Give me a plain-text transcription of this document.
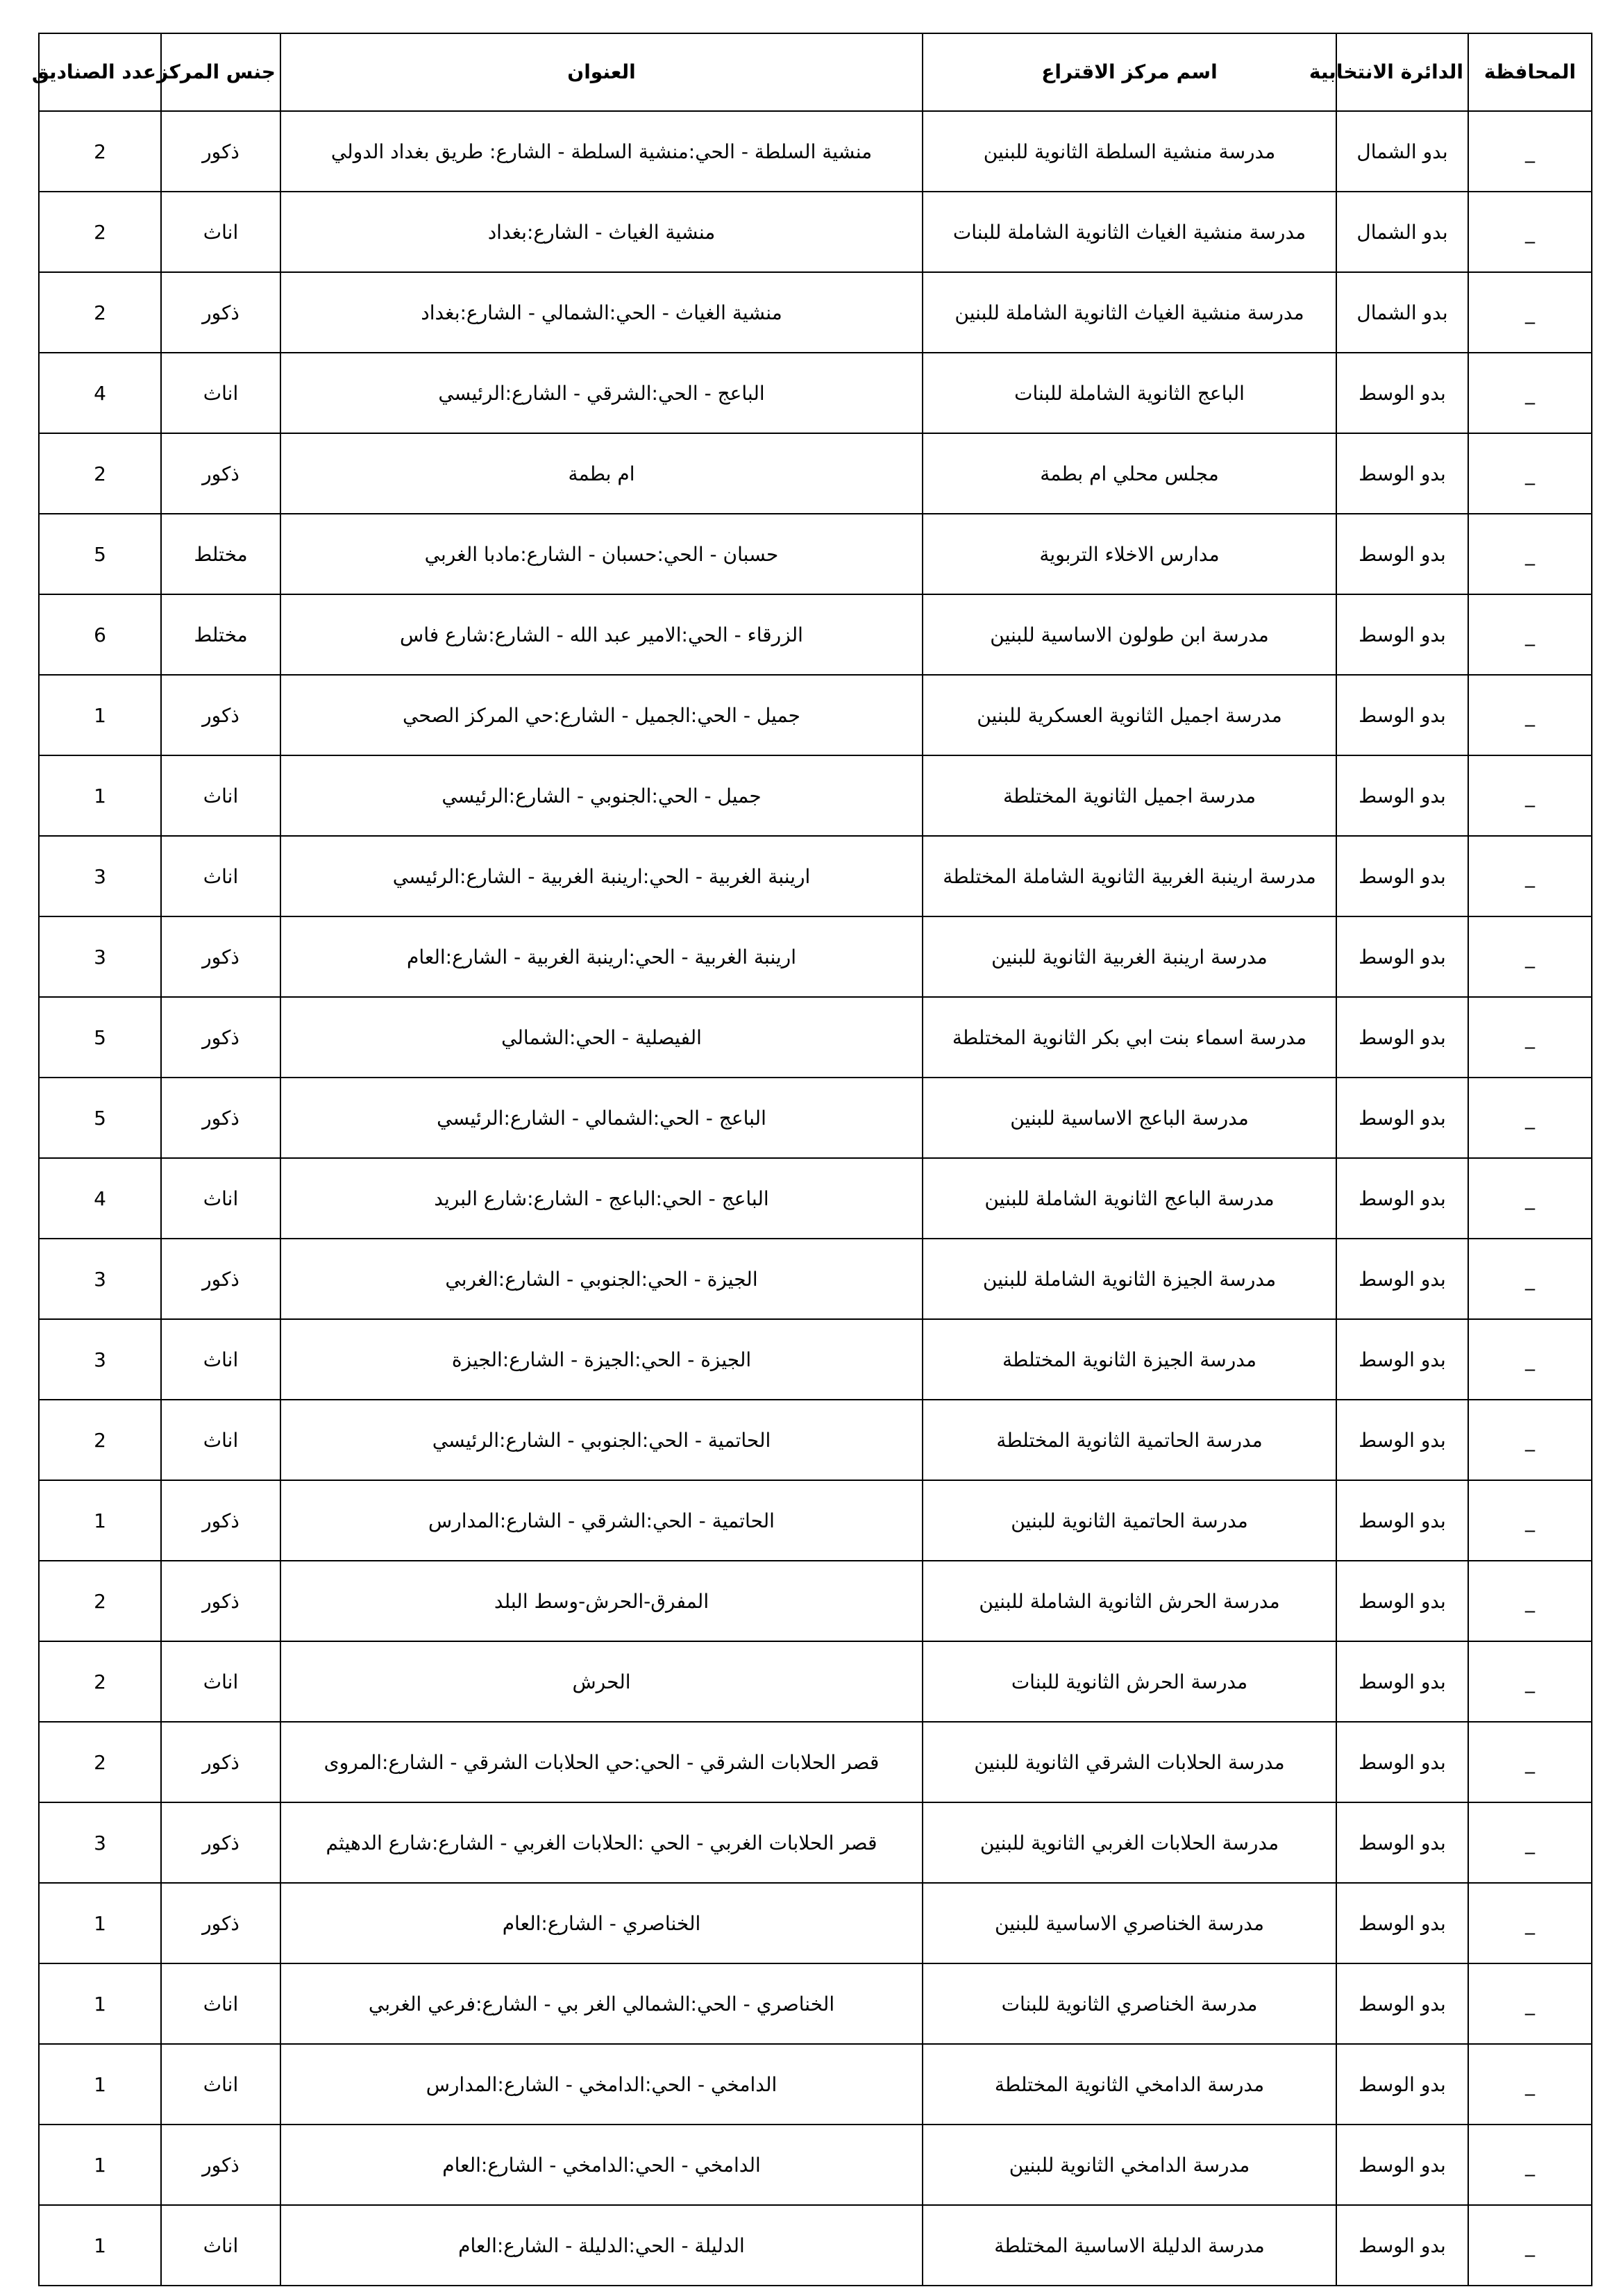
المحافظة	الدائرة الانتخابية	اسم مركز الاقتراع	العنوان	جنس المركز	عدد الصناديق
_	بدو الشمال	مدرسة منشية السلطة الثانوية للبنين	منشية السلطة - الحي:منشية السلطة - الشارع: طريق بغداد الدولي	ذكور	2
_	بدو الشمال	مدرسة منشية الغياث الثانوية الشاملة للبنات	منشية الغياث - الشارع:بغداد	اناث	2
_	بدو الشمال	مدرسة منشية الغياث الثانوية الشاملة للبنين	منشية الغياث - الحي:الشمالي - الشارع:بغداد	ذكور	2
_	بدو الوسط	الباعج الثانوية الشاملة للبنات	الباعج - الحي:الشرقي - الشارع:الرئيسي	اناث	4
_	بدو الوسط	مجلس محلي ام بطمة	ام بطمة	ذكور	2
_	بدو الوسط	مدارس الاخلاء التربوية	حسبان - الحي:حسبان - الشارع:مادبا الغربي	مختلط	5
_	بدو الوسط	مدرسة ابن طولون الاساسية للبنين	الزرقاء - الحي:الامير عبد الله - الشارع:شارع فاس	مختلط	6
_	بدو الوسط	مدرسة اجميل الثانوية العسكرية للبنين	جميل - الحي:الجميل - الشارع:حي المركز الصحي	ذكور	1
_	بدو الوسط	مدرسة اجميل الثانوية المختلطة	جميل - الحي:الجنوبي - الشارع:الرئيسي	اناث	1
_	بدو الوسط	مدرسة ارينبة الغربية الثانوية الشاملة المختلطة	ارينبة الغربية - الحي:ارينبة الغربية - الشارع:الرئيسي	اناث	3
_	بدو الوسط	مدرسة ارينبة الغربية الثانوية للبنين	ارينبة الغربية - الحي:ارينبة الغربية - الشارع:العام	ذكور	3
_	بدو الوسط	مدرسة اسماء بنت ابي بكر الثانوية المختلطة	الفيصلية - الحي:الشمالي	ذكور	5
_	بدو الوسط	مدرسة الباعج الاساسية للبنين	الباعج - الحي:الشمالي - الشارع:الرئيسي	ذكور	5
_	بدو الوسط	مدرسة الباعج الثانوية الشاملة للبنين	الباعج - الحي:الباعج - الشارع:شارع البريد	اناث	4
_	بدو الوسط	مدرسة الجيزة الثانوية الشاملة للبنين	الجيزة - الحي:الجنوبي - الشارع:الغربي	ذكور	3
_	بدو الوسط	مدرسة الجيزة الثانوية المختلطة	الجيزة - الحي:الجيزة - الشارع:الجيزة	اناث	3
_	بدو الوسط	مدرسة الحاتمية الثانوية المختلطة	الحاتمية - الحي:الجنوبي - الشارع:الرئيسي	اناث	2
_	بدو الوسط	مدرسة الحاتمية الثانوية للبنين	الحاتمية - الحي:الشرقي - الشارع:المدارس	ذكور	1
_	بدو الوسط	مدرسة الحرش الثانوية الشاملة للبنين	المفرق-الحرش-وسط البلد	ذكور	2
_	بدو الوسط	مدرسة الحرش الثانوية للبنات	الحرش	اناث	2
_	بدو الوسط	مدرسة الحلابات الشرقي الثانوية للبنين	قصر الحلابات الشرقي - الحي:حي الحلابات الشرقي - الشارع:المروى	ذكور	2
_	بدو الوسط	مدرسة الحلابات الغربي الثانوية للبنين	قصر الحلابات الغربي - الحي :الحلابات الغربي - الشارع:شارع الدهيثم	ذكور	3
_	بدو الوسط	مدرسة الخناصري الاساسية للبنين	الخناصري - الشارع:العام	ذكور	1
_	بدو الوسط	مدرسة الخناصري الثانوية للبنات	الخناصري - الحي:الشمالي الغر بي - الشارع:فرعي الغربي	اناث	1
_	بدو الوسط	مدرسة الدامخي الثانوية المختلطة	الدامخي - الحي:الدامخي - الشارع:المدارس	اناث	1
_	بدو الوسط	مدرسة الدامخي الثانوية للبنين	الدامخي - الحي:الدامخي - الشارع:العام	ذكور	1
_	بدو الوسط	مدرسة الدليلة الاساسية المختلطة	الدليلة - الحي:الدليلة - الشارع:العام	اناث	1
